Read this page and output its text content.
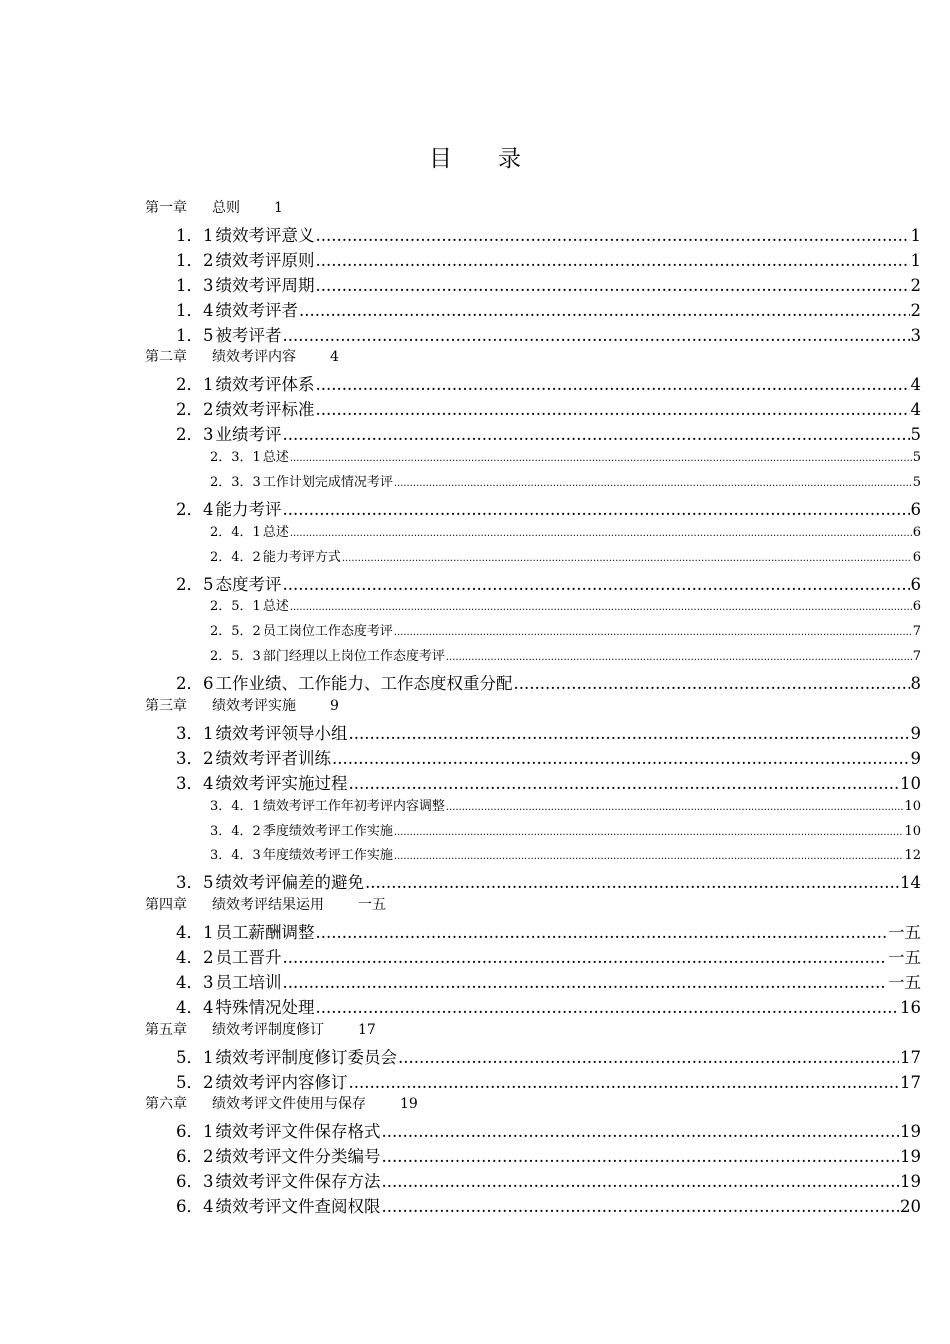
目 录
第一章	总则 1
1．1 绩效考评意义 .....	1
1．2 绩效考评原则 .....	1
1．3 绩效考评周期 .....	2
1．4 绩效考评者 .....	2
1．5 被考评者 .....	3
第二章	绩效考评内容 4
2．1 绩效考评体系 .....	4
2．2 绩效考评标准 .....	4
2．3 业绩考评 .....	5
2．3．1 总述 .....	5
2．3．3 工作计划完成情况考评 .....	5
2．4 能力考评 .....	6
2．4．1 总述 .....	6
2．4．2 能力考评方式 .....	6
2．5 态度考评 .....	6
2．5．1 总述 .....	6
2．5．2 员工岗位工作态度考评 .....	7
2．5．3 部门经理以上岗位工作态度考评 .....	7
2．6 工作业绩、工作能力、工作态度权重分配 .....	8
第三章	绩效考评实施 9
3．1 绩效考评领导小组 .....	9
3．2 绩效考评者训练 .....	9
3．4 绩效考评实施过程 .....	10
3．4．1 绩效考评工作年初考评内容调整 .....	10
3．4．2 季度绩效考评工作实施 .....	10
3．4．3 年度绩效考评工作实施 .....	12
3．5 绩效考评偏差的避免 .....	14
第四章	绩效考评结果运用 一五
4．1 员工薪酬调整 .....	一五
4．2 员工晋升 .....	一五
4．3 员工培训 .....	一五
4．4 特殊情况处理 .....	16
第五章	绩效考评制度修订 17
5．1 绩效考评制度修订委员会 .....	17
5．2 绩效考评内容修订 .....	17
第六章	绩效考评文件使用与保存 19
6．1 绩效考评文件保存格式 .....	19
6．2 绩效考评文件分类编号 .....	19
6．3 绩效考评文件保存方法 .....	19
6．4 绩效考评文件查阅权限 .....	20
